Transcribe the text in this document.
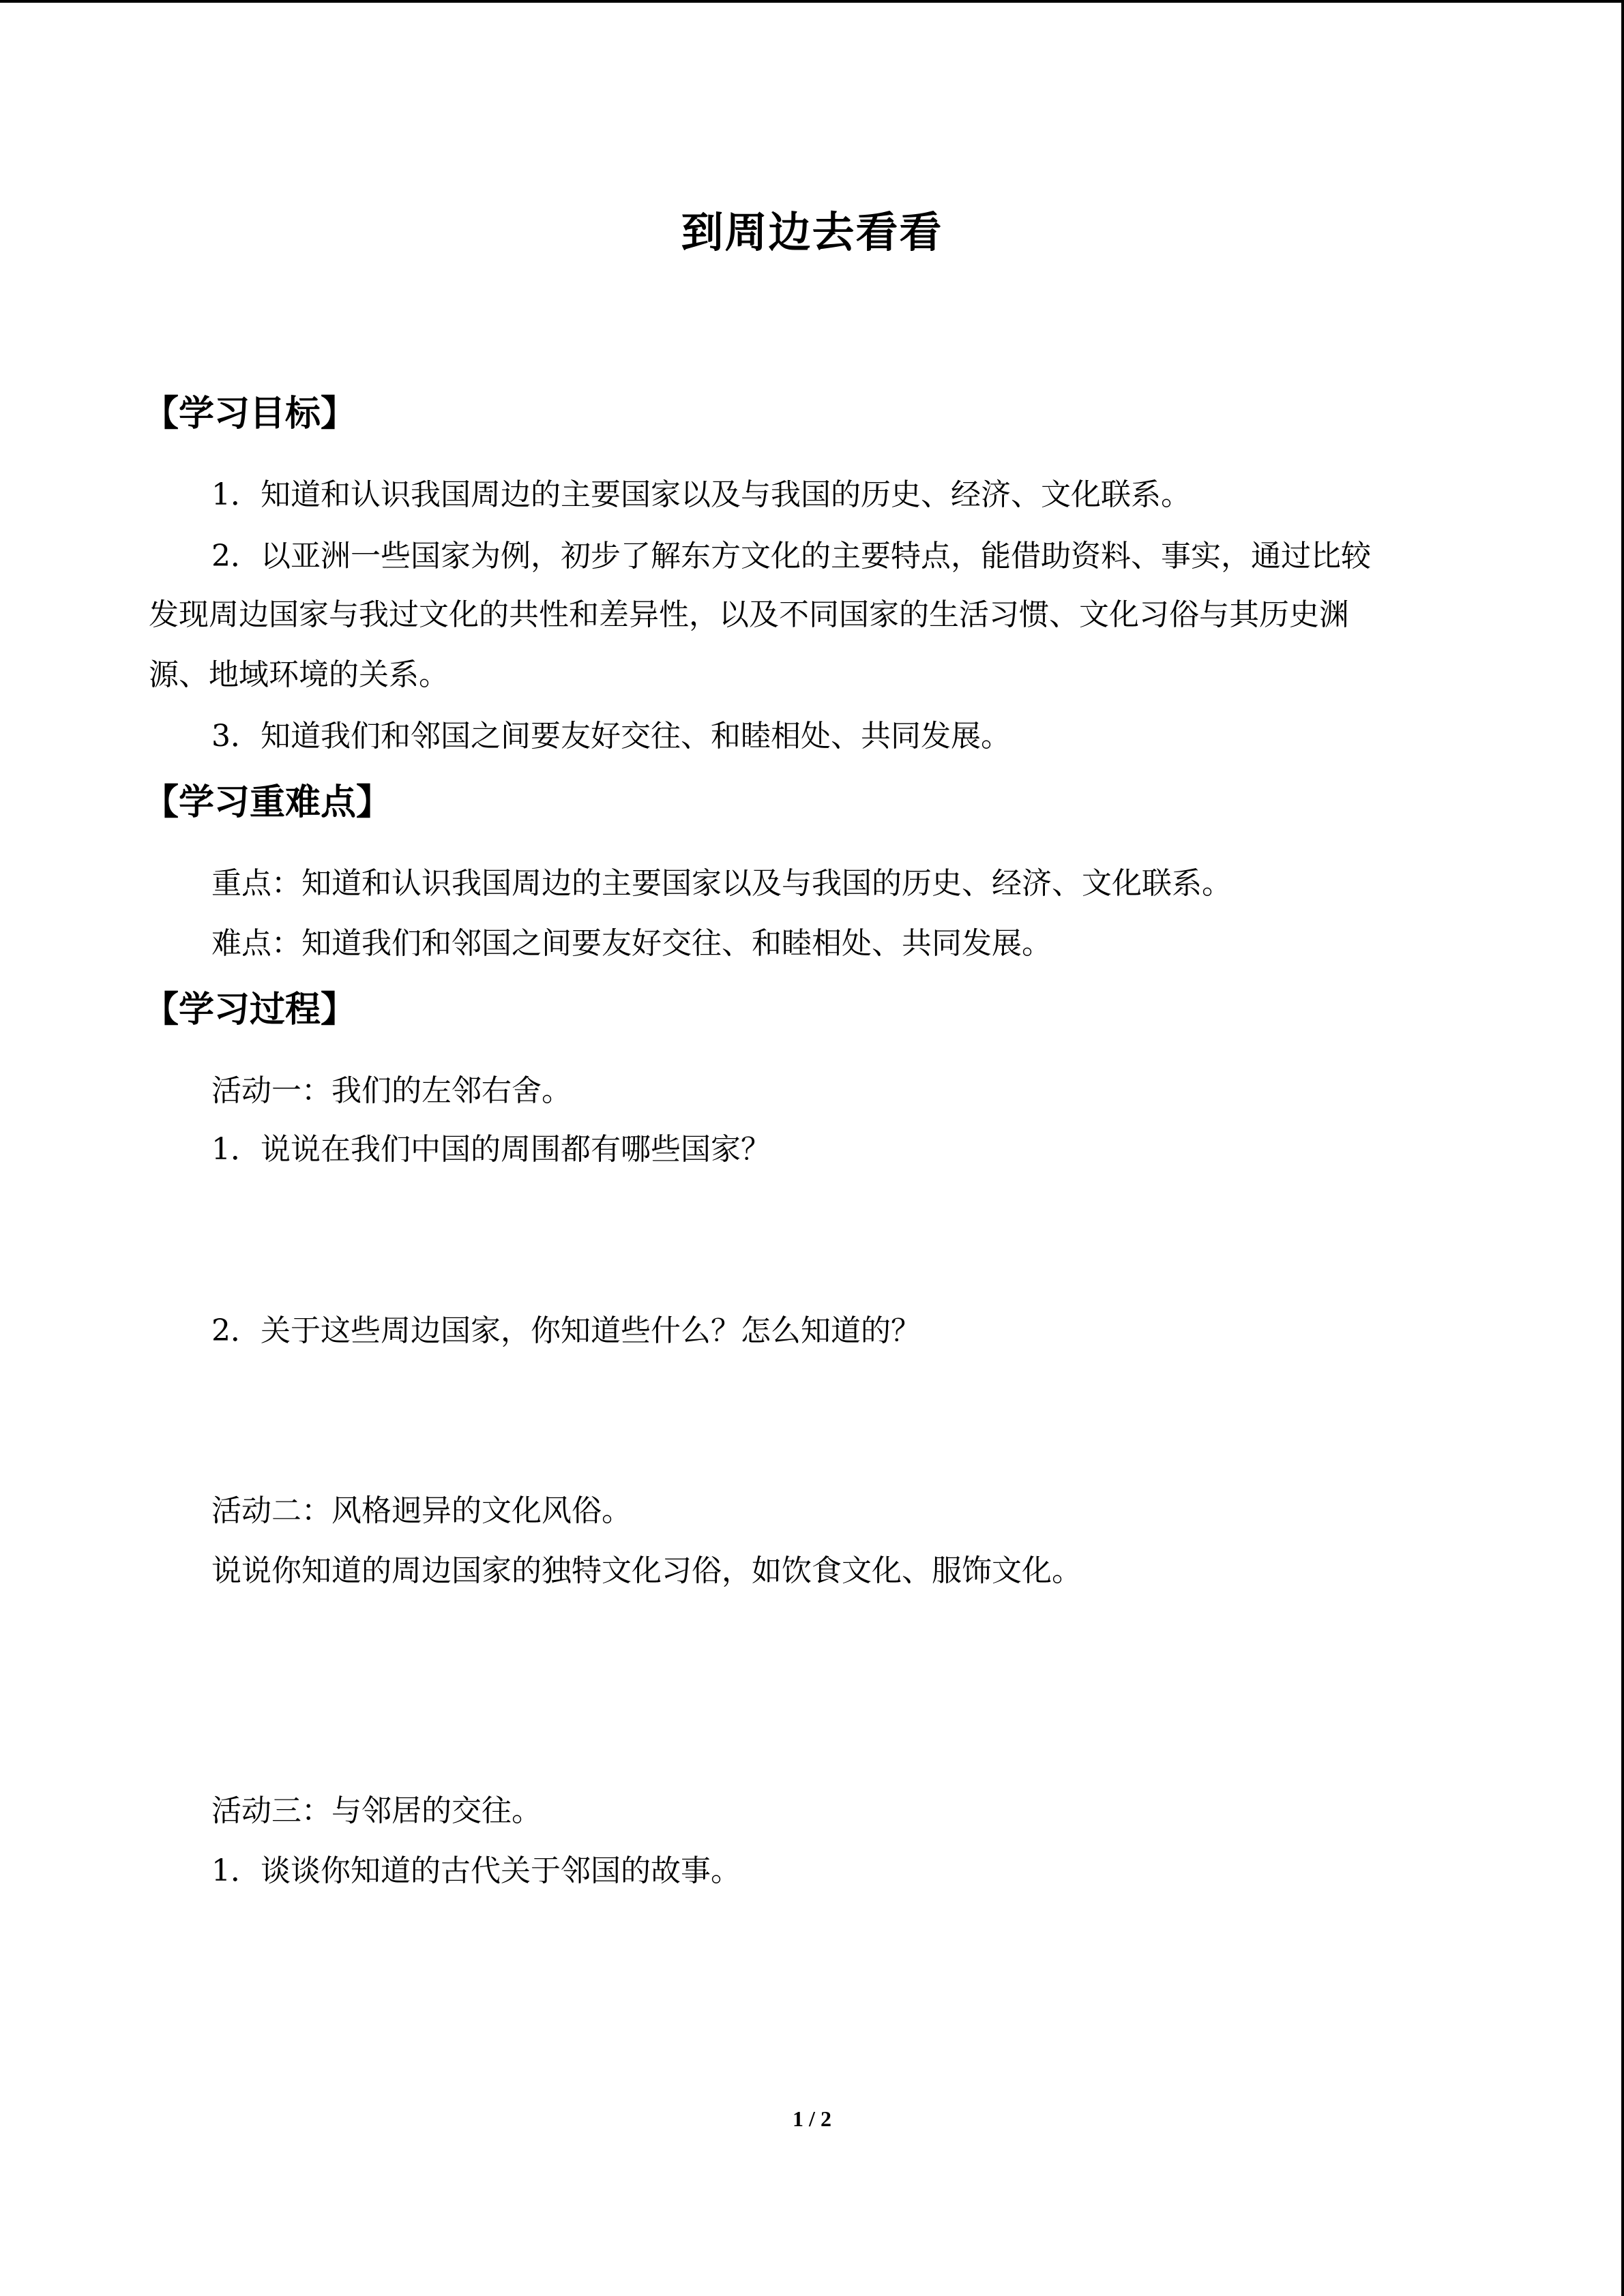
到周边去看看
【学习目标】
1．知道和认识我国周边的主要国家以及与我国的历史、经济、文化联系。
2．以亚洲一些国家为例，初步了解东方文化的主要特点，能借助资料、事实，通过比较
发现周边国家与我过文化的共性和差异性，以及不同国家的生活习惯、文化习俗与其历史渊
源、地域环境的关系。
3．知道我们和邻国之间要友好交往、和睦相处、共同发展。
【学习重难点】
重点：知道和认识我国周边的主要国家以及与我国的历史、经济、文化联系。
难点：知道我们和邻国之间要友好交往、和睦相处、共同发展。
【学习过程】
活动一：我们的左邻右舍。
1．说说在我们中国的周围都有哪些国家？
2．关于这些周边国家，你知道些什么？怎么知道的？
活动二：风格迥异的文化风俗。
说说你知道的周边国家的独特文化习俗，如饮食文化、服饰文化。
活动三：与邻居的交往。
1．谈谈你知道的古代关于邻国的故事。
1 / 2
